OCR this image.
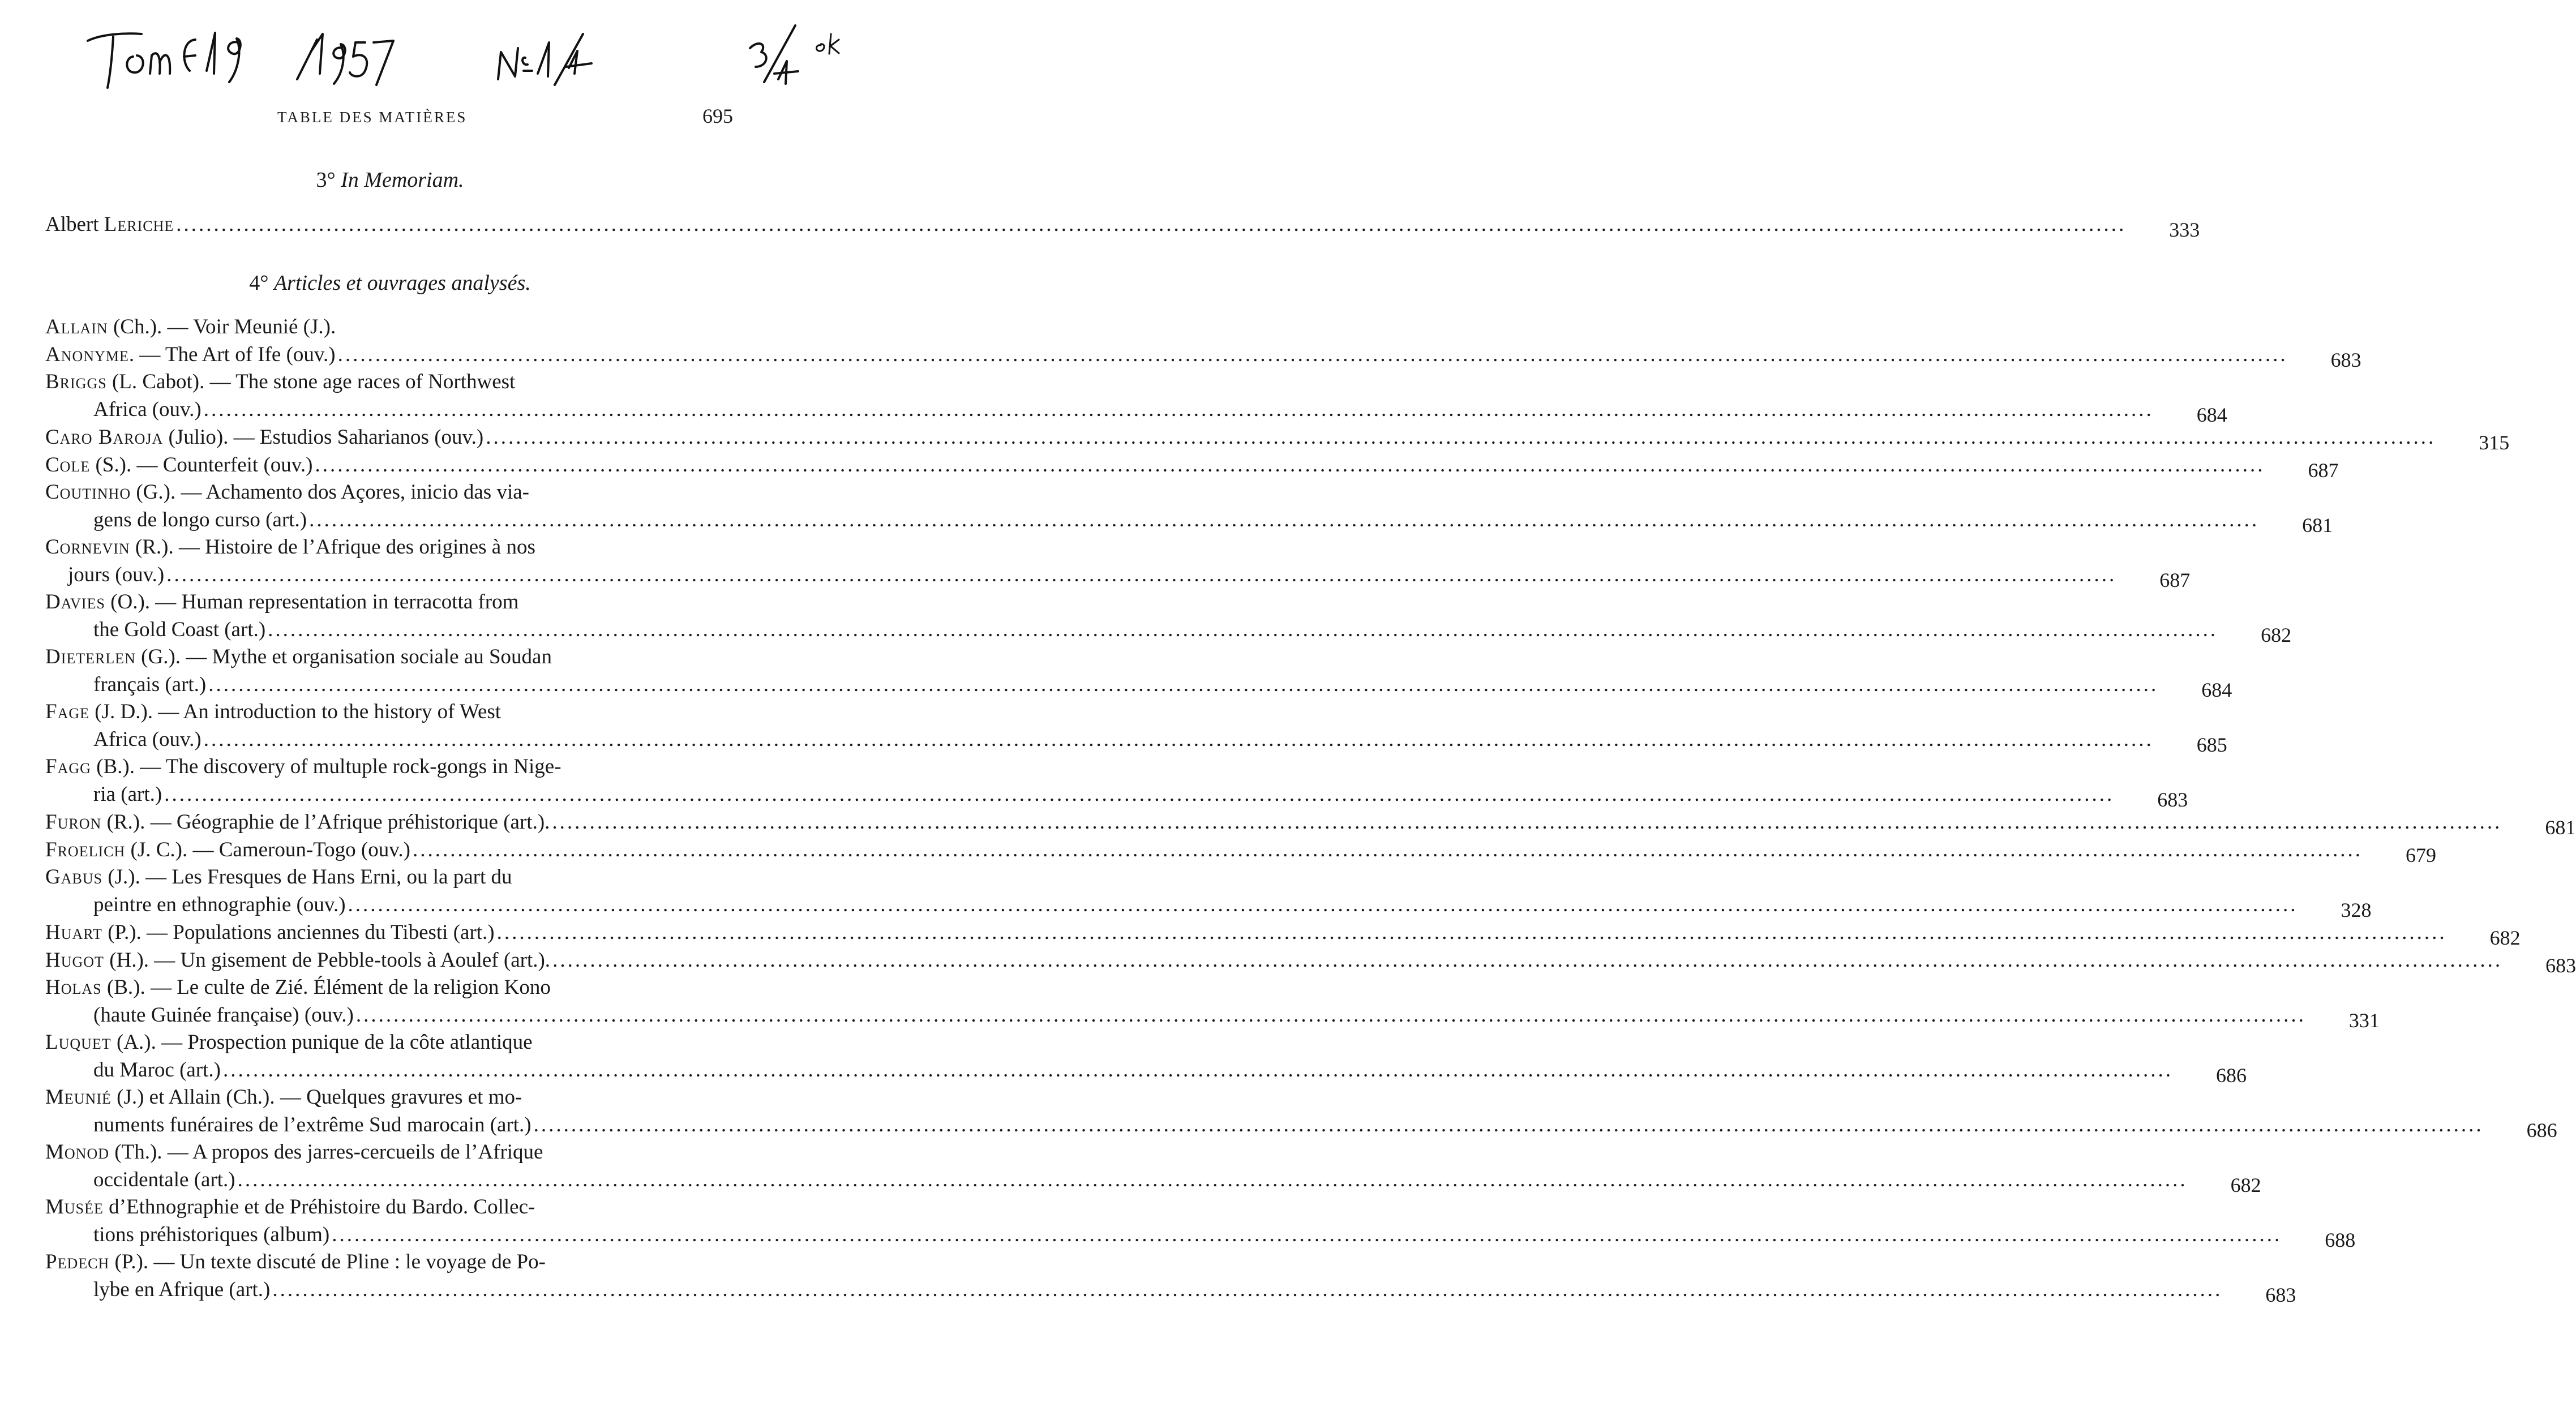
TABLE DES MATIÈRES	695
3° In Memoriam.
Albert Leriche .....	333
4° Articles et ouvrages analysés.
Allain (Ch.). — Voir Meunié (J.).
Anonyme. — The Art of Ife (ouv.) .....	683
Briggs (L. Cabot). — The stone age races of Northwest
Africa (ouv.) .....	684
Caro Baroja (Julio). — Estudios Saharianos (ouv.) .....	315
Cole (S.). — Counterfeit (ouv.) .....	687
Coutinho (G.). — Achamento dos Açores, inicio das via-
gens de longo curso (art.) .....	681
Cornevin (R.). — Histoire de l’Afrique des origines à nos
jours (ouv.) .....	687
Davies (O.). — Human representation in terracotta from
the Gold Coast (art.) .....	682
Dieterlen (G.). — Mythe et organisation sociale au Soudan
français (art.) .....	684
Fage (J. D.). — An introduction to the history of West
Africa (ouv.) .....	685
Fagg (B.). — The discovery of multuple rock-gongs in Nige-
ria (art.) .....	683
Furon (R.). — Géographie de l’Afrique préhistorique (art.). .....	681
Froelich (J. C.). — Cameroun-Togo (ouv.) .....	679
Gabus (J.). — Les Fresques de Hans Erni, ou la part du
peintre en ethnographie (ouv.) .....	328
Huart (P.). — Populations anciennes du Tibesti (art.) .....	682
Hugot (H.). — Un gisement de Pebble-tools à Aoulef (art.). .....	683
Holas (B.). — Le culte de Zié. Élément de la religion Kono
(haute Guinée française) (ouv.) .....	331
Luquet (A.). — Prospection punique de la côte atlantique
du Maroc (art.) .....	686
Meunié (J.) et Allain (Ch.). — Quelques gravures et mo-
numents funéraires de l’extrême Sud marocain (art.) .....	686
Monod (Th.). — A propos des jarres-cercueils de l’Afrique
occidentale (art.) .....	682
Musée d’Ethnographie et de Préhistoire du Bardo. Collec-
tions préhistoriques (album) .....	688
Pedech (P.). — Un texte discuté de Pline : le voyage de Po-
lybe en Afrique (art.) .....	683
